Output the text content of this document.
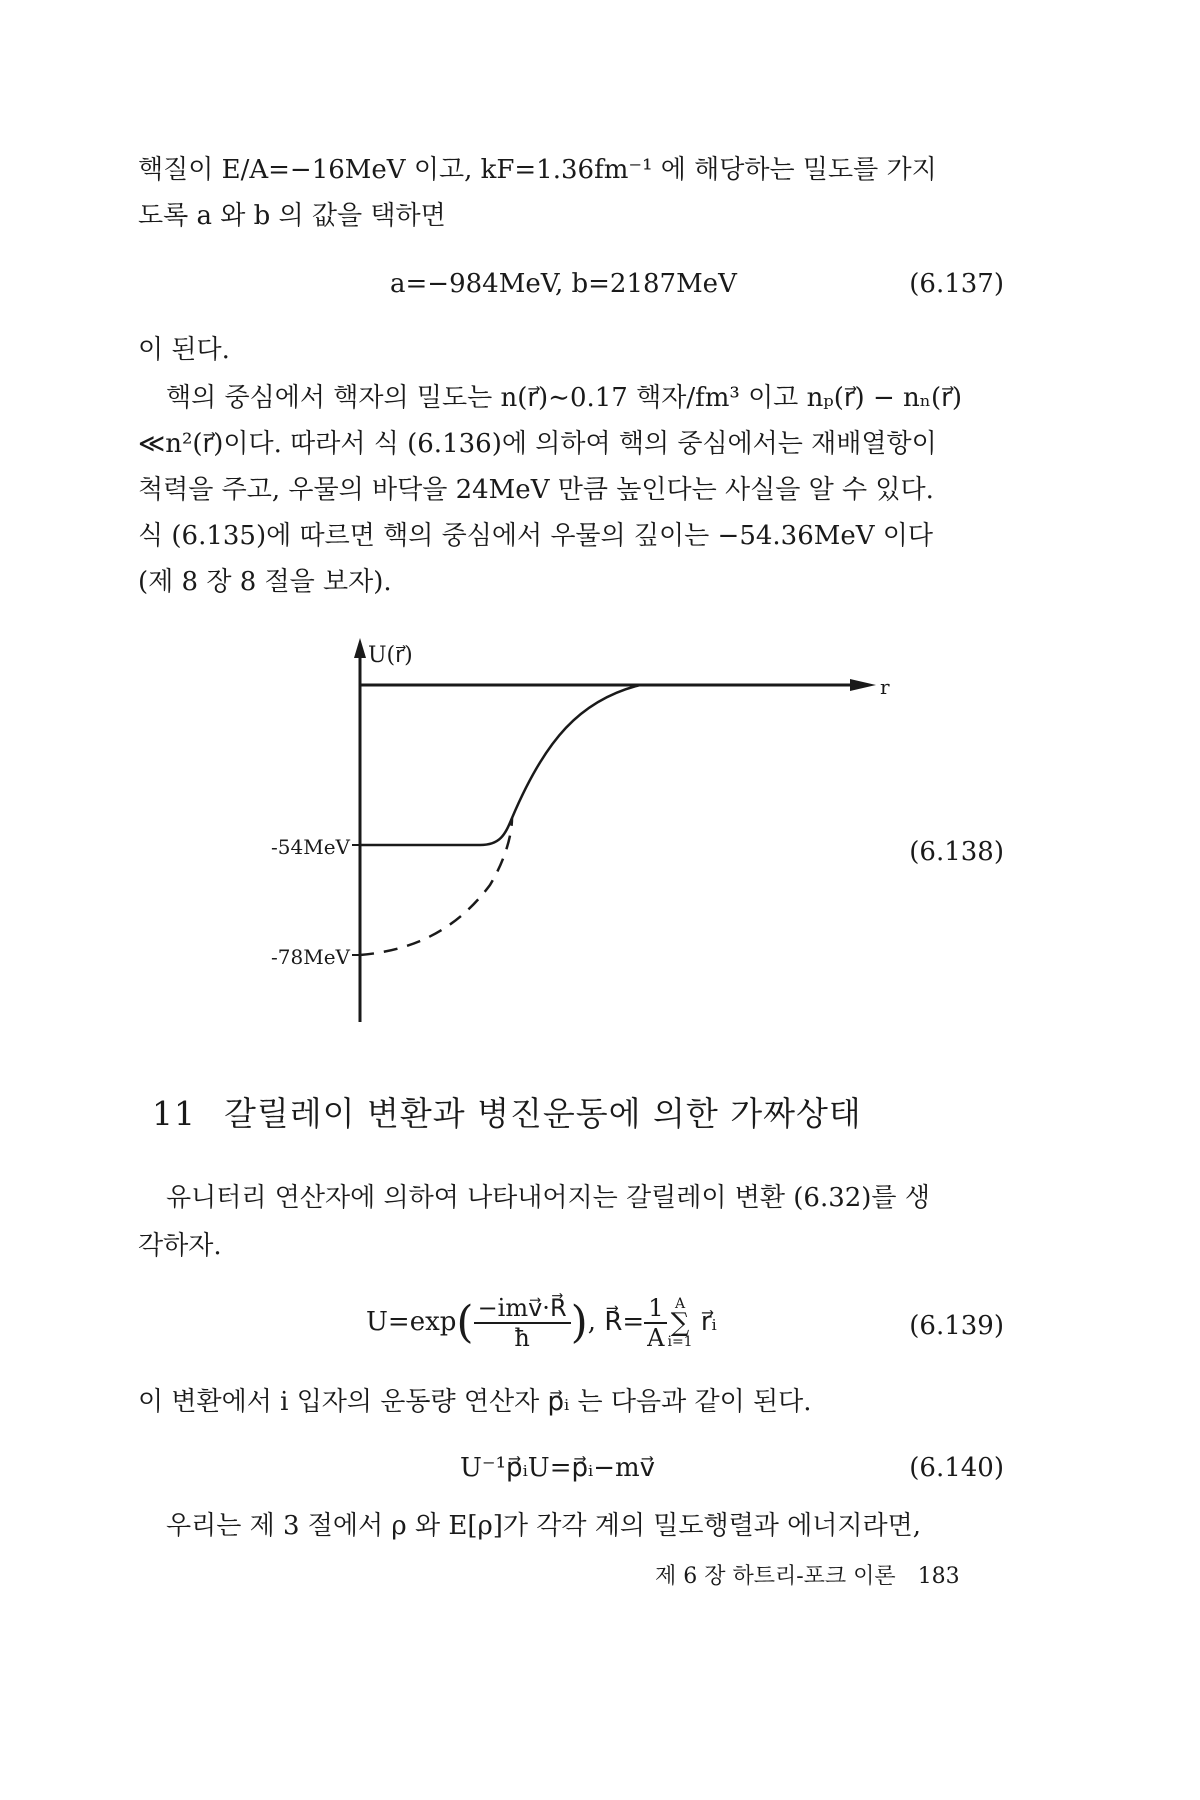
핵질이 E/A=−16MeV 이고, kF=1.36fm⁻¹ 에 해당하는 밀도를 가지
도록 a 와 b 의 값을 택하면
a=−984MeV, b=2187MeV	(6.137)
이 된다.
핵의 중심에서 핵자의 밀도는 n(r⃗)∼0.17 핵자/fm³ 이고 nₚ(r⃗) − nₙ(r⃗)
≪n²(r⃗)이다. 따라서 식 (6.136)에 의하여 핵의 중심에서는 재배열항이
척력을 주고, 우물의 바닥을 24MeV 만큼 높인다는 사실을 알 수 있다.
식 (6.135)에 따르면 핵의 중심에서 우물의 깊이는 −54.36MeV 이다
(제 8 장 8 절을 보자).
U(r⃗)
r
-54MeV
-78MeV
(6.138)
11 갈릴레이 변환과 병진운동에 의한 가짜상태
유니터리 연산자에 의하여 나타내어지는 갈릴레이 변환 (6.32)를 생
각하자.
$U=\exp( \frac{\text{−imv⃗·R⃗}}{ħ}$ ), R⃗= $\frac{1}{A}$ A
∑
i=1 r⃗ᵢ	(6.139)
이 변환에서 i 입자의 운동량 연산자 p⃗ᵢ 는 다음과 같이 된다.
U⁻¹p⃗ᵢU=p⃗ᵢ−mv⃗	(6.140)
우리는 제 3 절에서 ρ 와 E[ρ]가 각각 계의 밀도행렬과 에너지라면,
제 6 장 하트리-포크 이론 183
